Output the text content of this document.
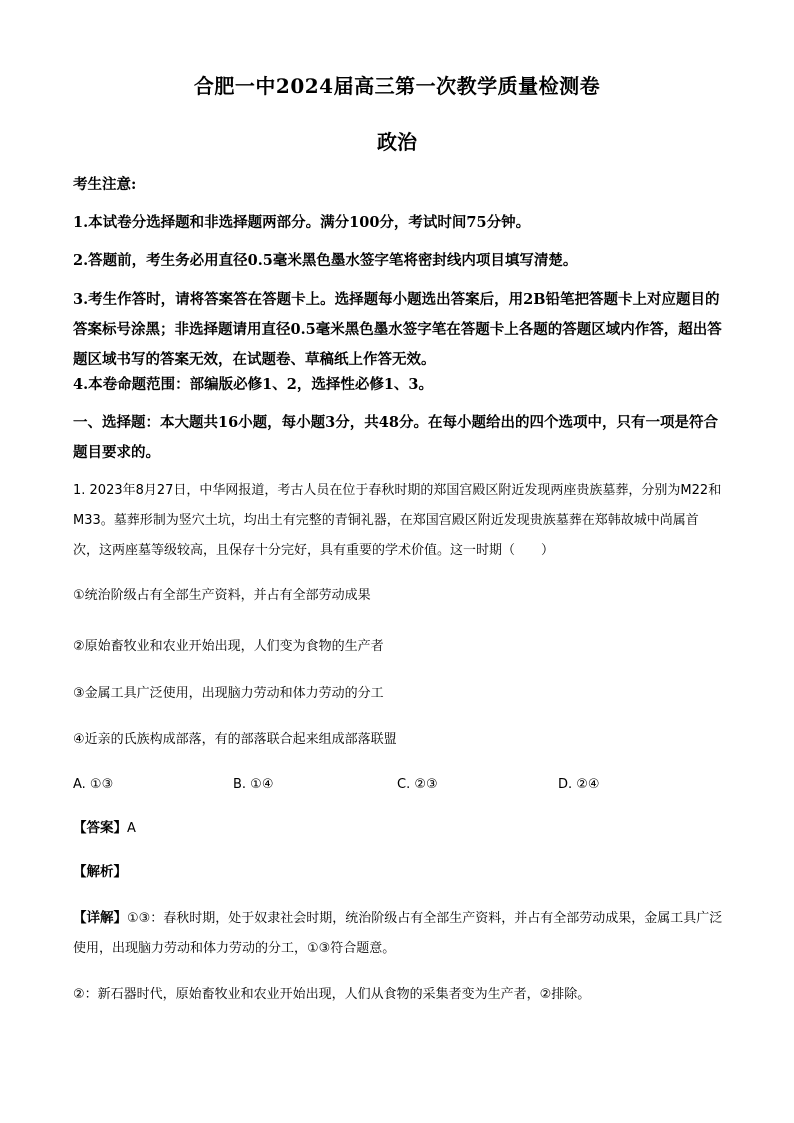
合肥一中2024届高三第一次教学质量检测卷
政治
考生注意:
1.本试卷分选择题和非选择题两部分。满分100分，考试时间75分钟。
2.答题前，考生务必用直径0.5毫米黑色墨水签字笔将密封线内项目填写清楚。
3.考生作答时，请将答案答在答题卡上。选择题每小题选出答案后，用2B铅笔把答题卡上对应题目的答案标号涂黑；非选择题请用直径0.5毫米黑色墨水签字笔在答题卡上各题的答题区域内作答，超出答题区域书写的答案无效，在试题卷、草稿纸上作答无效。
4.本卷命题范围：部编版必修1、2，选择性必修1、3。
一、选择题：本大题共16小题，每小题3分，共48分。在每小题给出的四个选项中，只有一项是符合题目要求的。
1. 2023年8月27日，中华网报道，考古人员在位于春秋时期的郑国宫殿区附近发现两座贵族墓葬，分别为M22和M33。墓葬形制为竖穴土坑，均出土有完整的青铜礼器，在郑国宫殿区附近发现贵族墓葬在郑韩故城中尚属首次，这两座墓等级较高，且保存十分完好，具有重要的学术价值。这一时期（　　）
①统治阶级占有全部生产资料，并占有全部劳动成果
②原始畜牧业和农业开始出现，人们变为食物的生产者
③金属工具广泛使用，出现脑力劳动和体力劳动的分工
④近亲的氏族构成部落，有的部落联合起来组成部落联盟
A. ①③	B. ①④	C. ②③	D. ②④
【答案】A
【解析】
【详解】①③：春秋时期，处于奴隶社会时期，统治阶级占有全部生产资料，并占有全部劳动成果，金属工具广泛使用，出现脑力劳动和体力劳动的分工，①③符合题意。
②：新石器时代，原始畜牧业和农业开始出现，人们从食物的采集者变为生产者，②排除。
